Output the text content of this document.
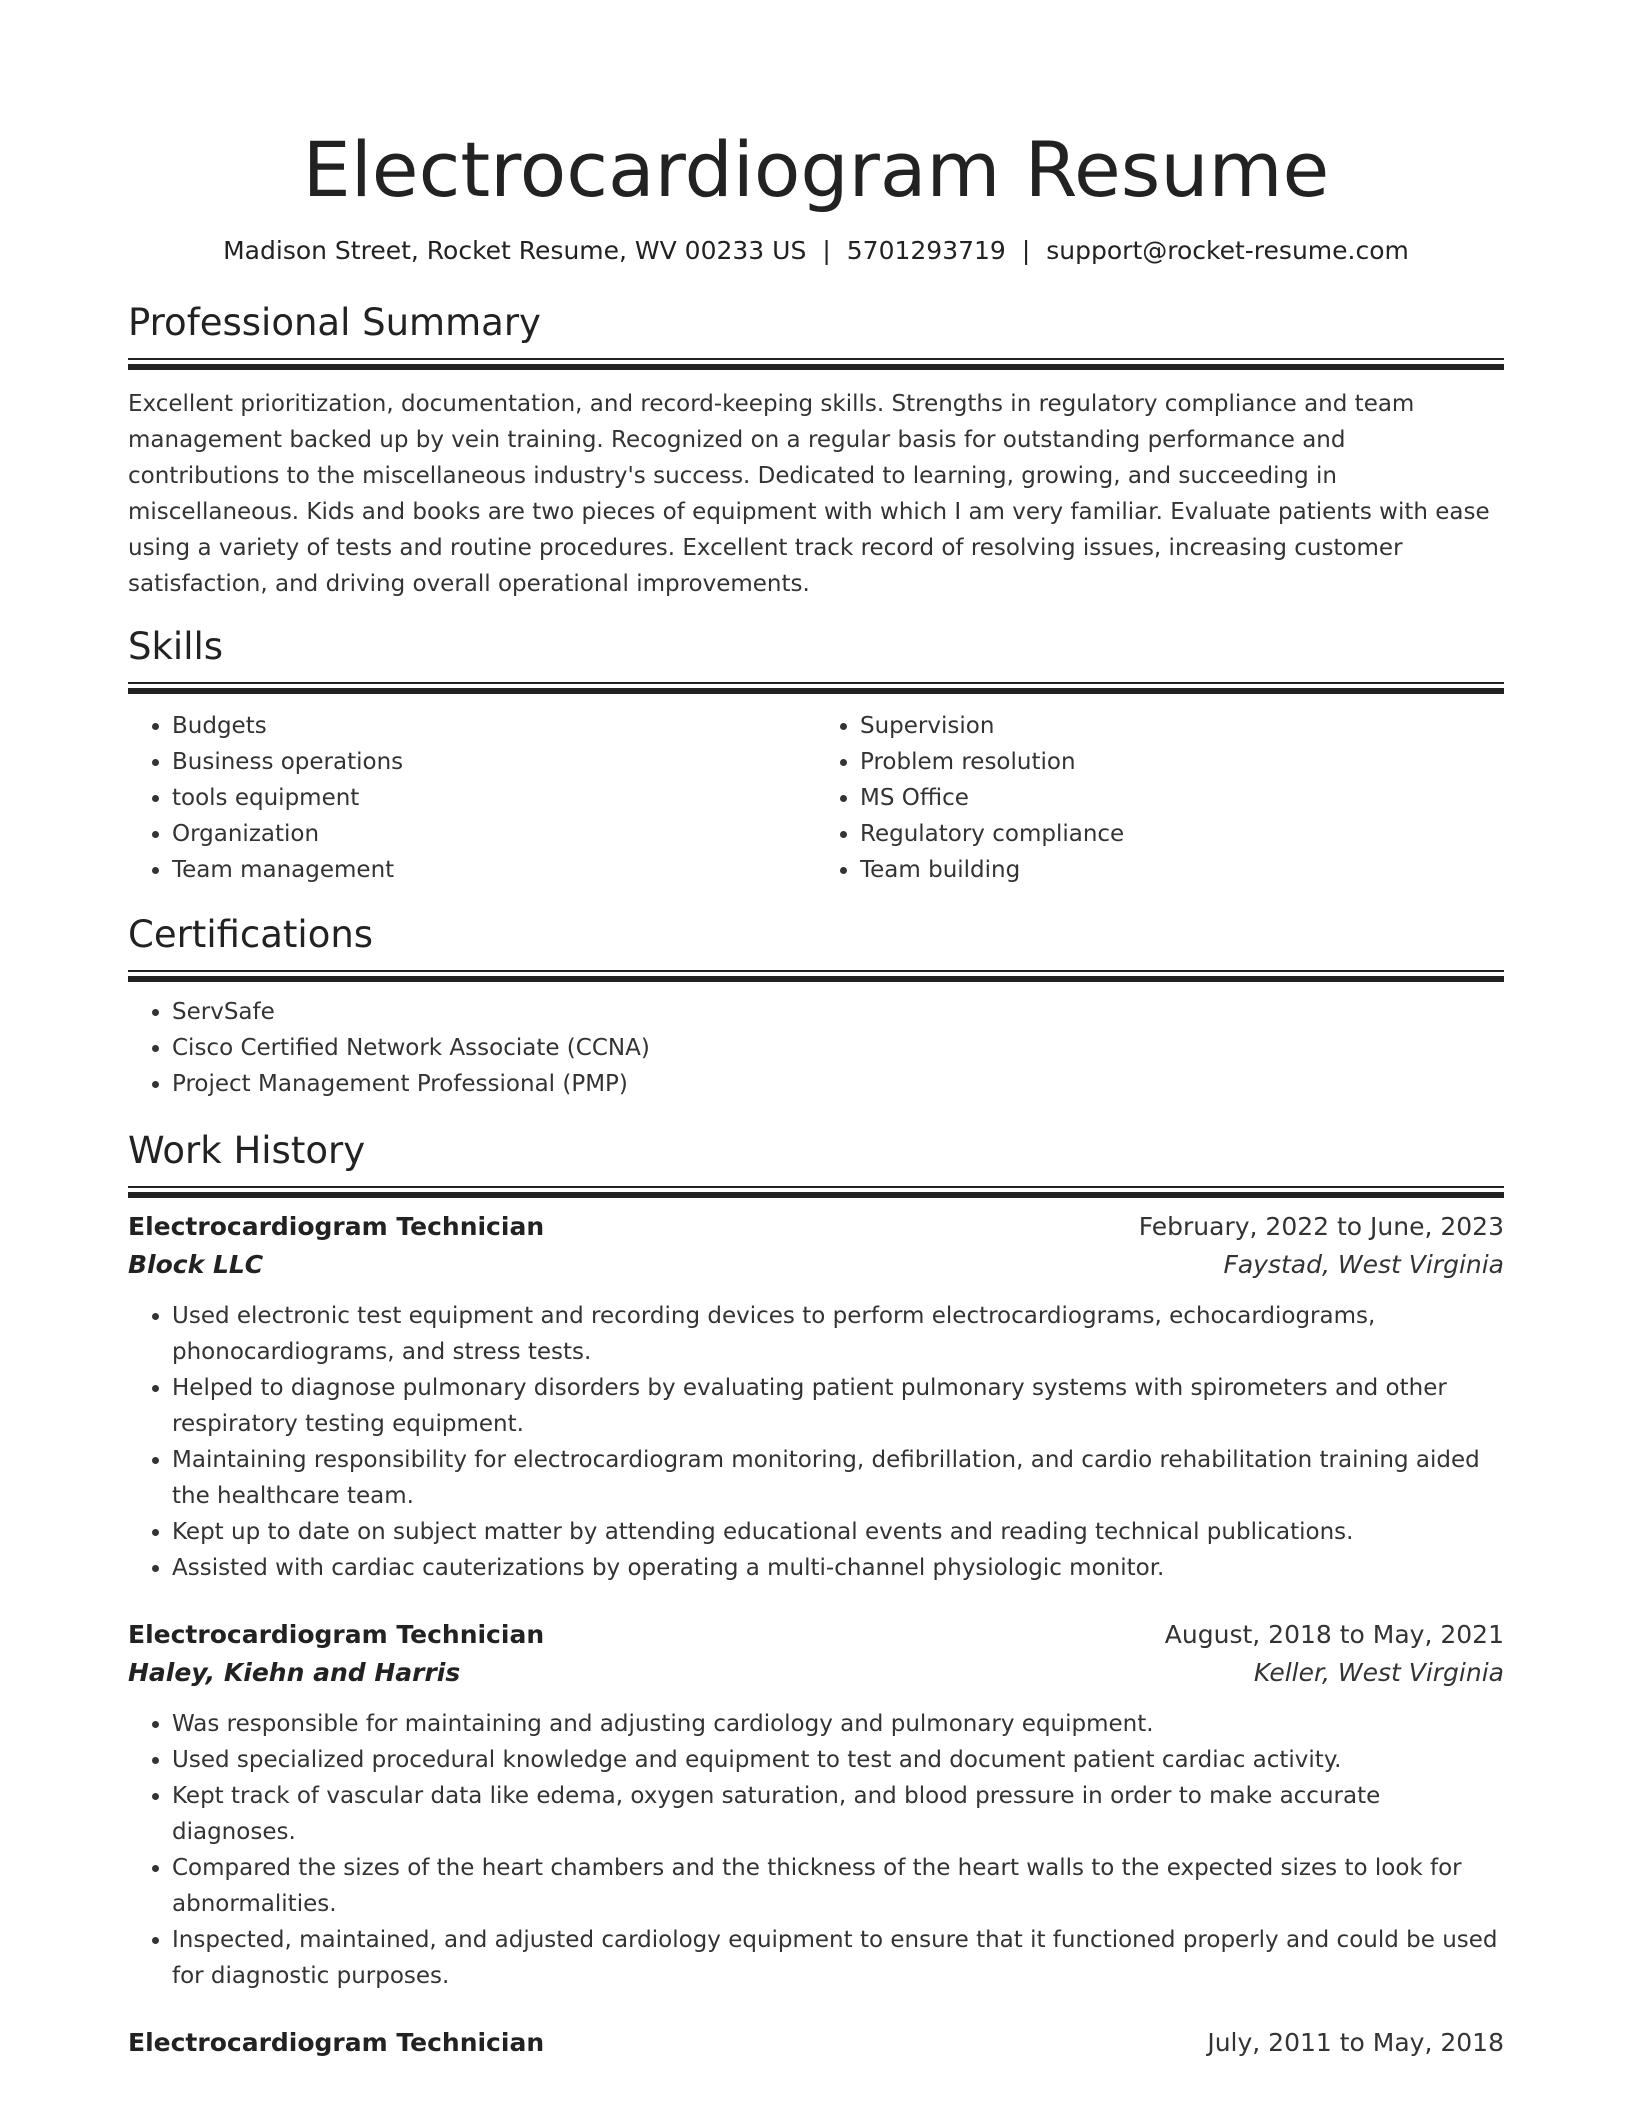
Electrocardiogram Resume
Madison Street, Rocket Resume, WV 00233 US | 5701293719 | support@rocket-resume.com
Professional Summary

Excellent prioritization, documentation, and record-keeping skills. Strengths in regulatory compliance and team management backed up by vein training. Recognized on a regular basis for outstanding performance and contributions to the miscellaneous industry's success. Dedicated to learning, growing, and succeeding in miscellaneous. Kids and books are two pieces of equipment with which I am very familiar. Evaluate patients with ease using a variety of tests and routine procedures. Excellent track record of resolving issues, increasing customer satisfaction, and driving overall operational improvements.

Skills
• Budgets
• Business operations
• tools equipment
• Organization
• Team management
• Supervision
• Problem resolution
• MS Office
• Regulatory compliance
• Team building
Certifications
• ServSafe
• Cisco Certified Network Associate (CCNA)
• Project Management Professional (PMP)
Work History
Electrocardiogram Technician	February, 2022 to June, 2023
Block LLC	Faystad, West Virginia
• Used electronic test equipment and recording devices to perform electrocardiograms, echocardiograms, phonocardiograms, and stress tests.
• Helped to diagnose pulmonary disorders by evaluating patient pulmonary systems with spirometers and other respiratory testing equipment.
• Maintaining responsibility for electrocardiogram monitoring, defibrillation, and cardio rehabilitation training aided the healthcare team.
• Kept up to date on subject matter by attending educational events and reading technical publications.
• Assisted with cardiac cauterizations by operating a multi-channel physiologic monitor.
Electrocardiogram Technician	August, 2018 to May, 2021
Haley, Kiehn and Harris	Keller, West Virginia
• Was responsible for maintaining and adjusting cardiology and pulmonary equipment.
• Used specialized procedural knowledge and equipment to test and document patient cardiac activity.
• Kept track of vascular data like edema, oxygen saturation, and blood pressure in order to make accurate diagnoses.
• Compared the sizes of the heart chambers and the thickness of the heart walls to the expected sizes to look for abnormalities.
• Inspected, maintained, and adjusted cardiology equipment to ensure that it functioned properly and could be used for diagnostic purposes.
Electrocardiogram Technician	July, 2011 to May, 2018
